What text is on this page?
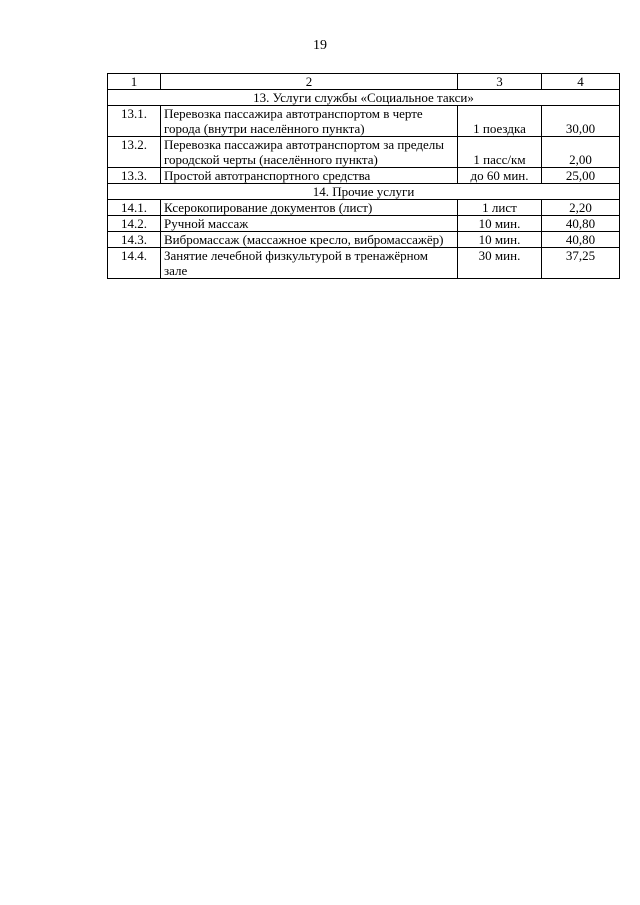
19
1	2	3	4
13. Услуги службы «Социальное такси»			
13.1.	Перевозка пассажира автотранспортом в черте города (внутри населённого пункта)	1 поездка	30,00
13.2.	Перевозка пассажира автотранспортом за пределы городской черты (населённого пункта)	1 пасс/км	2,00
13.3.	Простой автотранспортного средства	до 60 мин.	25,00
14. Прочие услуги			
14.1.	Ксерокопирование документов (лист)	1 лист	2,20
14.2.	Ручной массаж	10 мин.	40,80
14.3.	Вибромассаж (массажное кресло, вибромассажёр)	10 мин.	40,80
14.4.	Занятие лечебной физкультурой в тренажёрном зале	30 мин.	37,25
